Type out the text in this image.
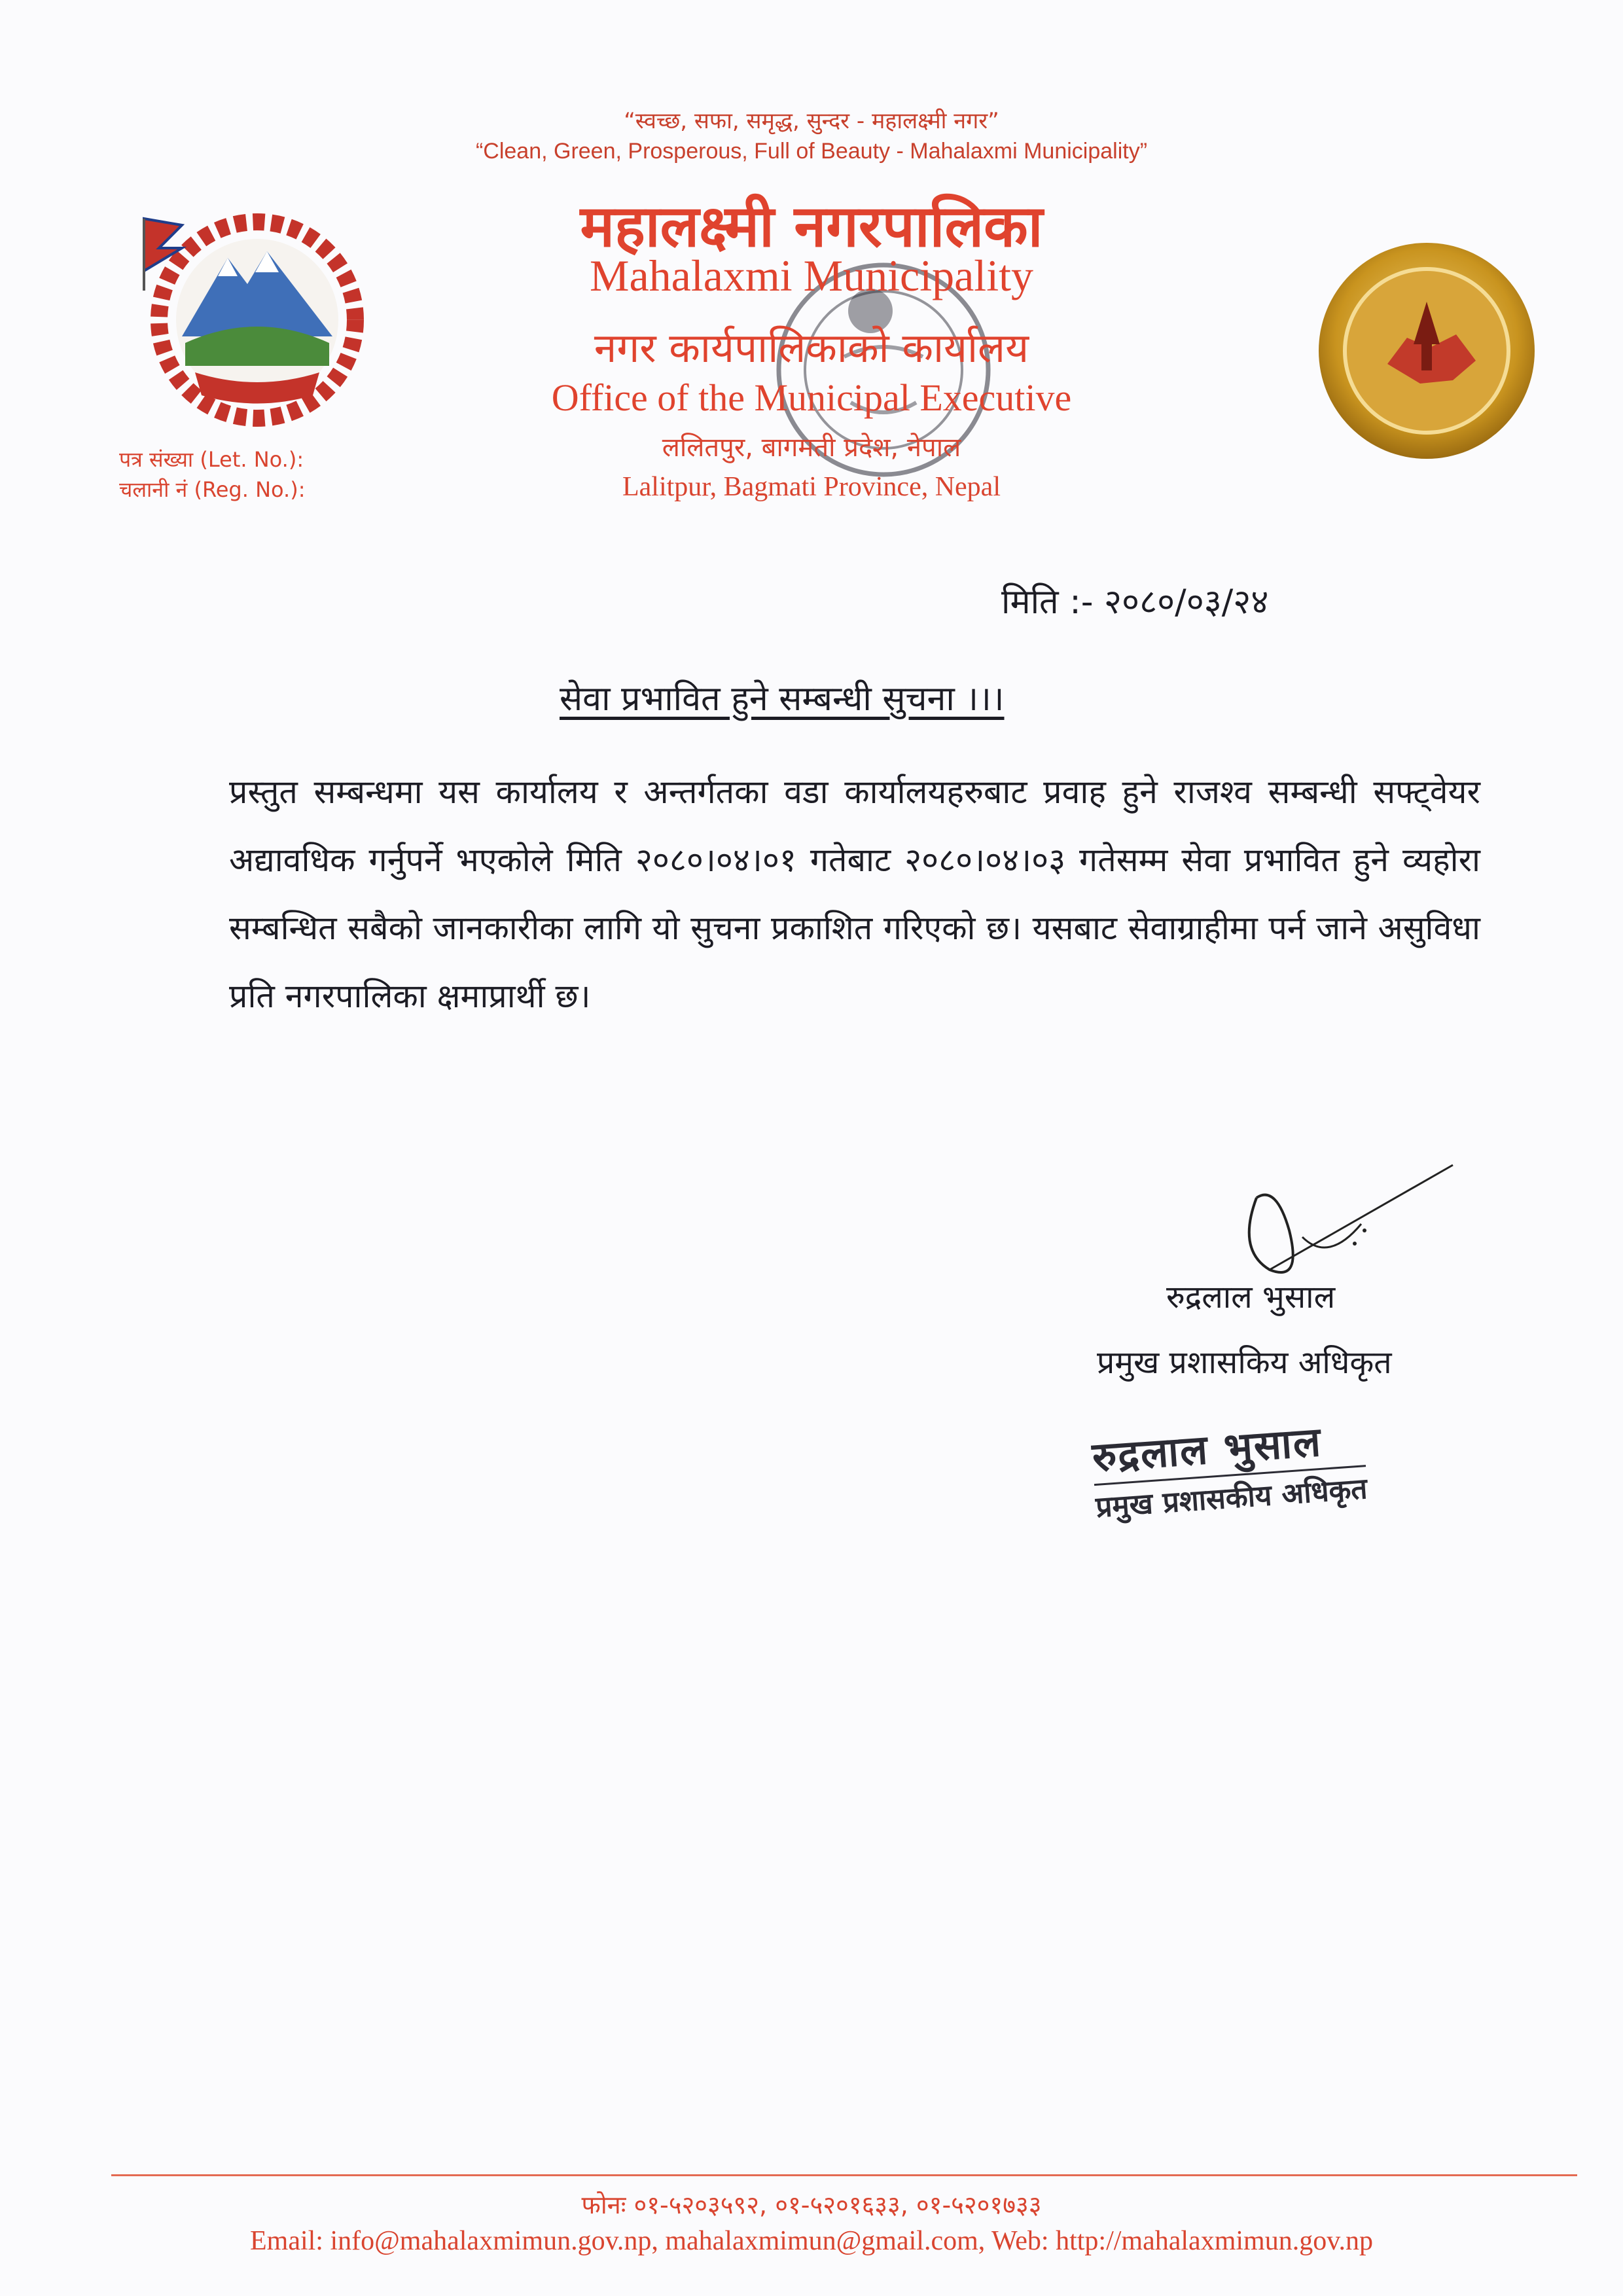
“स्वच्छ, सफा, समृद्ध, सुन्दर - महालक्ष्मी नगर”
“Clean, Green, Prosperous, Full of Beauty - Mahalaxmi Municipality”
महालक्ष्मी नगरपालिका
Mahalaxmi Municipality
नगर कार्यपालिकाको कार्यालय
Office of the Municipal Executive
ललितपुर, बागमती प्रदेश, नेपाल
Lalitpur, Bagmati Province, Nepal
पत्र संख्या (Let. No.):
चलानी नं (Reg. No.):
मिति :- २०८०/०३/२४
सेवा प्रभावित हुने सम्बन्धी सुचना ।।।
प्रस्तुत सम्बन्धमा यस कार्यालय र अन्तर्गतका वडा कार्यालयहरुबाट प्रवाह हुने राजश्व सम्बन्धी सफ्ट्वेयर अद्यावधिक गर्नुपर्ने भएकोले मिति २०८०।०४।०१ गतेबाट २०८०।०४।०३ गतेसम्म सेवा प्रभावित हुने व्यहोरा सम्बन्धित सबैको जानकारीका लागि यो सुचना प्रकाशित गरिएको छ। यसबाट सेवाग्राहीमा पर्न जाने असुविधा प्रति नगरपालिका क्षमाप्रार्थी छ।
रुद्रलाल भुसाल
प्रमुख प्रशासकिय अधिकृत
रुद्रलाल भुसाल
प्रमुख प्रशासकीय अधिकृत
फोनः ०१-५२०३५९२, ०१-५२०१६३३, ०१-५२०१७३३
Email: info@mahalaxmimun.gov.np, mahalaxmimun@gmail.com, Web: http://mahalaxmimun.gov.np
